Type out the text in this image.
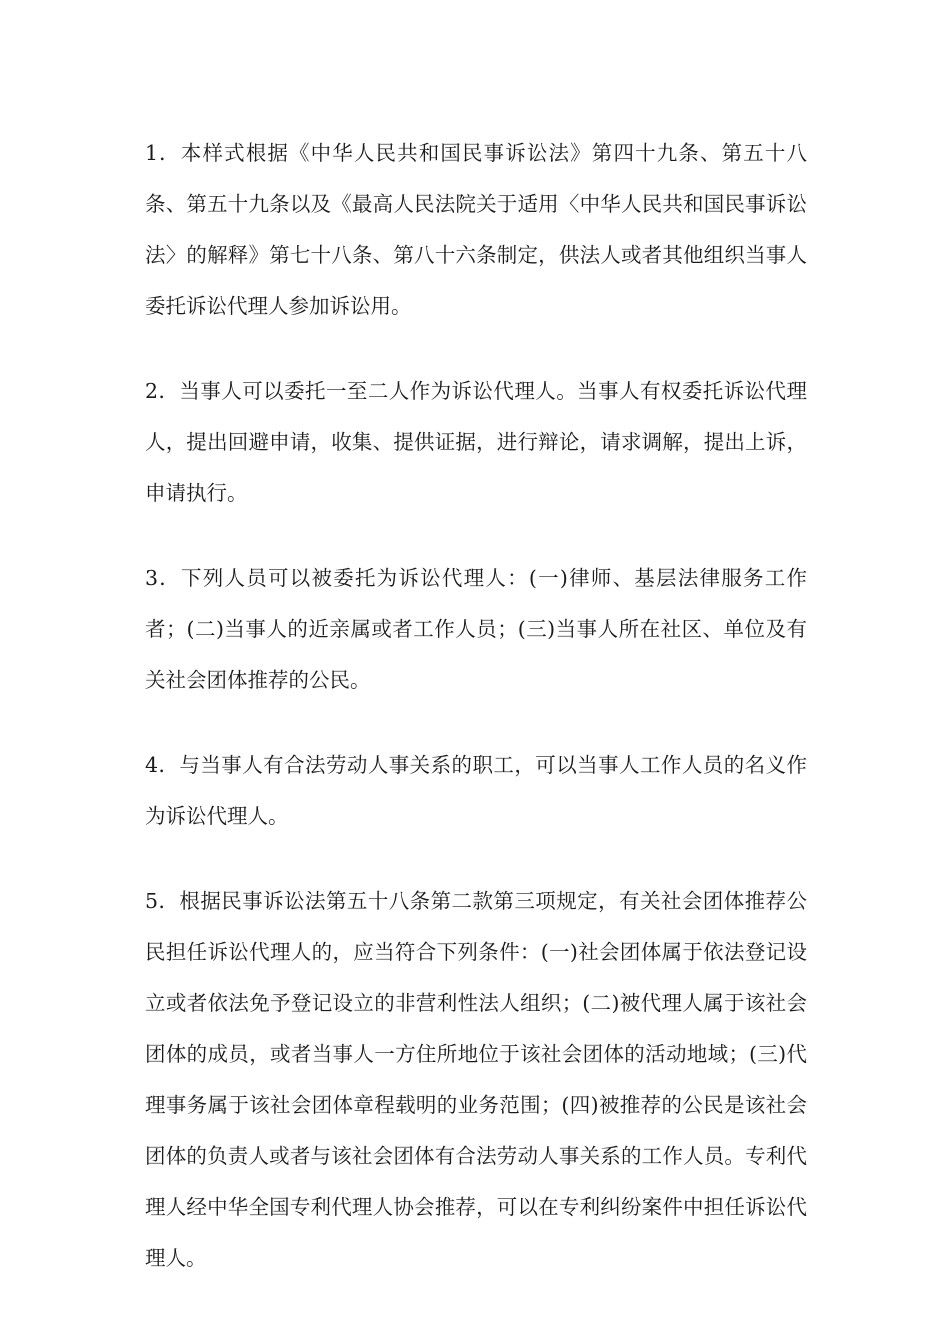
1．本样式根据《中华人民共和国民事诉讼法》第四十九条、第五十八条、第五十九条以及《最高人民法院关于适用〈中华人民共和国民事诉讼法〉的解释》第七十八条、第八十六条制定，供法人或者其他组织当事人委托诉讼代理人参加诉讼用。

2．当事人可以委托一至二人作为诉讼代理人。当事人有权委托诉讼代理人，提出回避申请，收集、提供证据，进行辩论，请求调解，提出上诉，申请执行。

3．下列人员可以被委托为诉讼代理人：(一)律师、基层法律服务工作者；(二)当事人的近亲属或者工作人员；(三)当事人所在社区、单位及有关社会团体推荐的公民。

4．与当事人有合法劳动人事关系的职工，可以当事人工作人员的名义作为诉讼代理人。

5．根据民事诉讼法第五十八条第二款第三项规定，有关社会团体推荐公民担任诉讼代理人的，应当符合下列条件：(一)社会团体属于依法登记设立或者依法免予登记设立的非营利性法人组织；(二)被代理人属于该社会团体的成员，或者当事人一方住所地位于该社会团体的活动地域；(三)代理事务属于该社会团体章程载明的业务范围；(四)被推荐的公民是该社会团体的负责人或者与该社会团体有合法劳动人事关系的工作人员。专利代理人经中华全国专利代理人协会推荐，可以在专利纠纷案件中担任诉讼代理人。
